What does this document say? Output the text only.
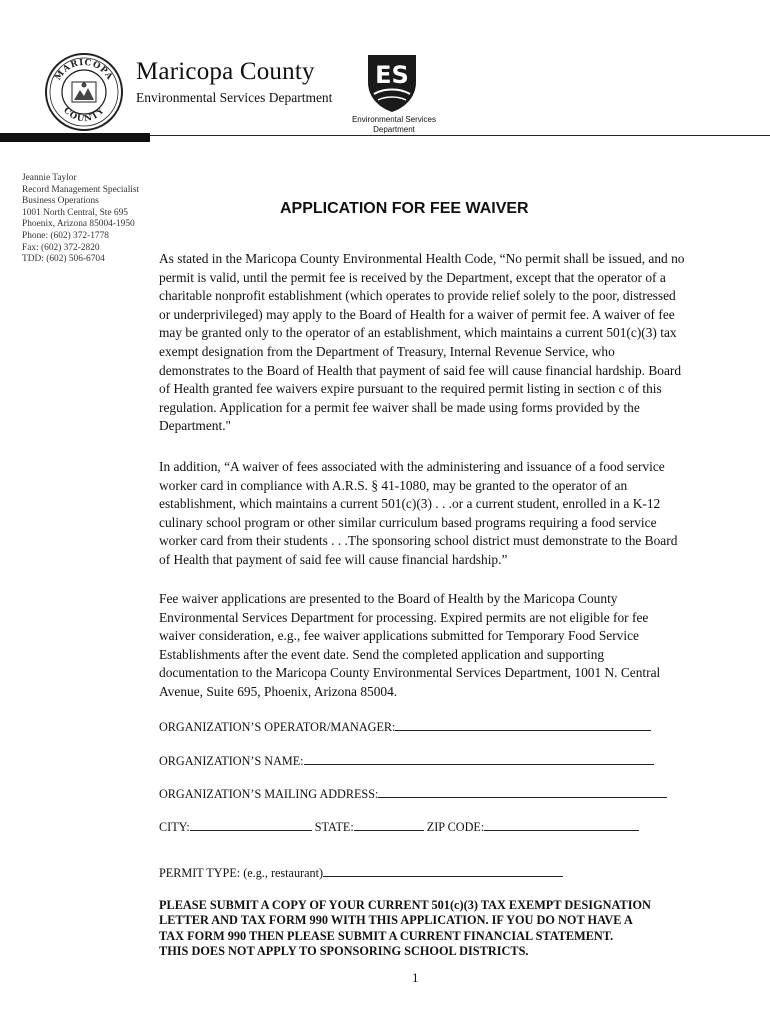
MARICOPA
COUNTY
Maricopa County
Environmental Services Department
ES
Environmental Services
Department
Jeannie Taylor
Record Management Specialist
Business Operations
1001 North Central, Ste 695
Phoenix, Arizona 85004-1950
Phone: (602) 372-1778
Fax: (602) 372-2820
TDD: (602) 506-6704
APPLICATION FOR FEE WAIVER

As stated in the Maricopa County Environmental Health Code, “No permit shall be issued, and no permit is valid, until the permit fee is received by the Department, except that the operator of a charitable nonprofit establishment (which operates to provide relief solely to the poor, distressed or underprivileged) may apply to the Board of Health for a waiver of permit fee. A waiver of fee may be granted only to the operator of an establishment, which maintains a current 501(c)(3) tax exempt designation from the Department of Treasury, Internal Revenue Service, who demonstrates to the Board of Health that payment of said fee will cause financial hardship. Board of Health granted fee waivers expire pursuant to the required permit listing in section c of this regulation. Application for a permit fee waiver shall be made using forms provided by the Department."

In addition, “A waiver of fees associated with the administering and issuance of a food service worker card in compliance with A.R.S. § 41-1080, may be granted to the operator of an establishment, which maintains a current 501(c)(3) . . .or a current student, enrolled in a K-12 culinary school program or other similar curriculum based programs requiring a food service worker card from their students . . .The sponsoring school district must demonstrate to the Board of Health that payment of said fee will cause financial hardship.”

Fee waiver applications are presented to the Board of Health by the Maricopa County Environmental Services Department for processing. Expired permits are not eligible for fee waiver consideration, e.g., fee waiver applications submitted for Temporary Food Service Establishments after the event date. Send the completed application and supporting documentation to the Maricopa County Environmental Services Department, 1001 N. Central Avenue, Suite 695, Phoenix, Arizona 85004.

ORGANIZATION’S OPERATOR/MANAGER:
ORGANIZATION’S NAME:
ORGANIZATION’S MAILING ADDRESS:
CITY:	STATE:	ZIP CODE:
PERMIT TYPE: (e.g., restaurant)
PLEASE SUBMIT A COPY OF YOUR CURRENT 501(c)(3) TAX EXEMPT DESIGNATION
LETTER AND TAX FORM 990 WITH THIS APPLICATION. IF YOU DO NOT HAVE A
TAX FORM 990 THEN PLEASE SUBMIT A CURRENT FINANCIAL STATEMENT.
THIS DOES NOT APPLY TO SPONSORING SCHOOL DISTRICTS.
1
